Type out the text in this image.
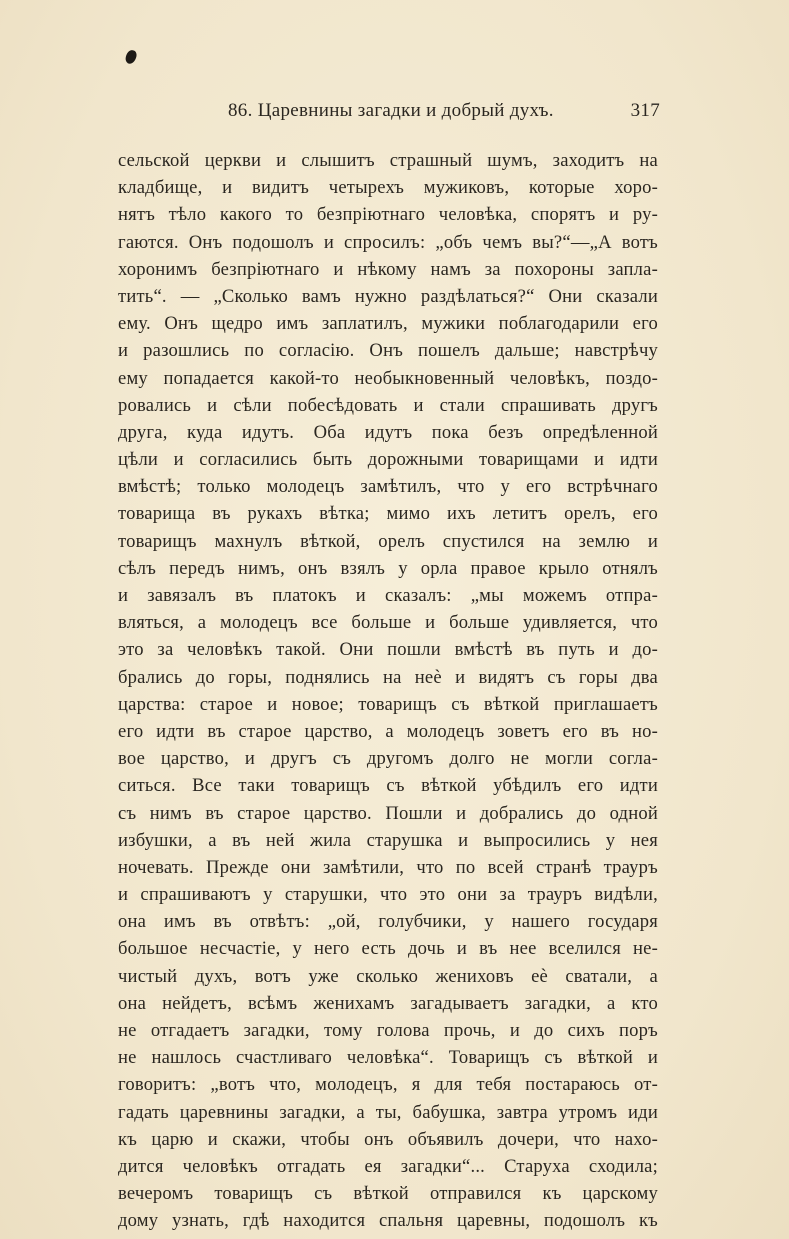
86. Царевнины загадки и добрый духъ.	317
сельской церкви и слышитъ страшный шумъ, заходитъ на
кладбище, и видитъ четырехъ мужиковъ, которые хоро-
нятъ тѣло какого то безпріютнаго человѣка, спорятъ и ру-
гаются. Онъ подошолъ и спросилъ: „объ чемъ вы?“—„А вотъ
хоронимъ безпріютнаго и нѣкому намъ за похороны запла-
тить“. — „Сколько вамъ нужно раздѣлаться?“ Они сказали
ему. Онъ щедро имъ заплатилъ, мужики поблагодарили его
и разошлись по согласію. Онъ пошелъ дальше; навстрѣчу
ему попадается какой-то необыкновенный человѣкъ, поздо-
ровались и сѣли побесѣдовать и стали спрашивать другъ
друга, куда идутъ. Оба идутъ пока безъ опредѣленной
цѣли и согласились быть дорожными товарищами и идти
вмѣстѣ; только молодецъ замѣтилъ, что у его встрѣчнаго
товарища въ рукахъ вѣтка; мимо ихъ летитъ орелъ, его
товарищъ махнулъ вѣткой, орелъ спустился на землю и
сѣлъ передъ нимъ, онъ взялъ у орла правое крыло отнялъ
и завязалъ въ платокъ и сказалъ: „мы можемъ отпра-
вляться, а молодецъ все больше и больше удивляется, что
это за человѣкъ такой. Они пошли вмѣстѣ въ путь и до-
брались до горы, поднялись на неѐ и видятъ съ горы два
царства: старое и новое; товарищъ съ вѣткой приглашаетъ
его идти въ старое царство, а молодецъ зоветъ его въ но-
вое царство, и другъ съ другомъ долго не могли согла-
ситься. Все таки товарищъ съ вѣткой убѣдилъ его идти
съ нимъ въ старое царство. Пошли и добрались до одной
избушки, а въ ней жила старушка и выпросились у нея
ночевать. Прежде они замѣтили, что по всей странѣ трауръ
и спрашиваютъ у старушки, что это они за трауръ видѣли,
она имъ въ отвѣтъ: „ой, голубчики, у нашего государя
большое несчастіе, у него есть дочь и въ нее вселился не-
чистый духъ, вотъ уже сколько жениховъ еѐ сватали, а
она нейдетъ, всѣмъ женихамъ загадываетъ загадки, а кто
не отгадаетъ загадки, тому голова прочь, и до сихъ поръ
не нашлось счастливаго человѣка“. Товарищъ съ вѣткой и
говоритъ: „вотъ что, молодецъ, я для тебя постараюсь от-
гадать царевнины загадки, а ты, бабушка, завтра утромъ иди
къ царю и скажи, чтобы онъ объявилъ дочери, что нахо-
дится человѣкъ отгадать ея загадки“... Старуха сходила;
вечеромъ товарищъ съ вѣткой отправился къ царскому
дому узнать, гдѣ находится спальня царевны, подошолъ къ
